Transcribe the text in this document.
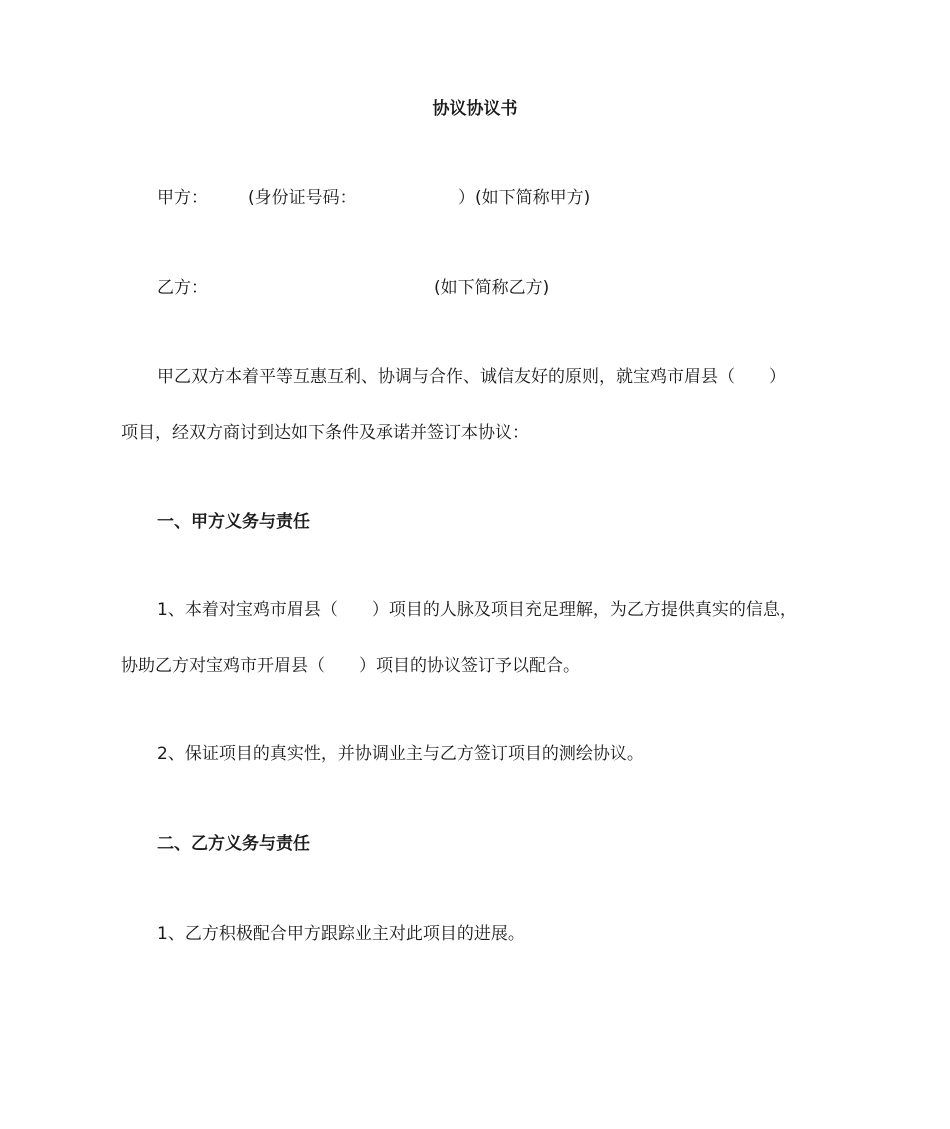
协议协议书
甲方： (身份证号码：	）(如下简称甲方)
乙方：	(如下简称乙方)
甲乙双方本着平等互惠互利、协调与合作、诚信友好的原则，就宝鸡市眉县（　　）
项目，经双方商讨到达如下条件及承诺并签订本协议：
一、甲方义务与责任
1、本着对宝鸡市眉县（　　）项目的人脉及项目充足理解，为乙方提供真实的信息，
协助乙方对宝鸡市开眉县（　　）项目的协议签订予以配合。
2、保证项目的真实性，并协调业主与乙方签订项目的测绘协议。
二、乙方义务与责任
1、乙方积极配合甲方跟踪业主对此项目的进展。
